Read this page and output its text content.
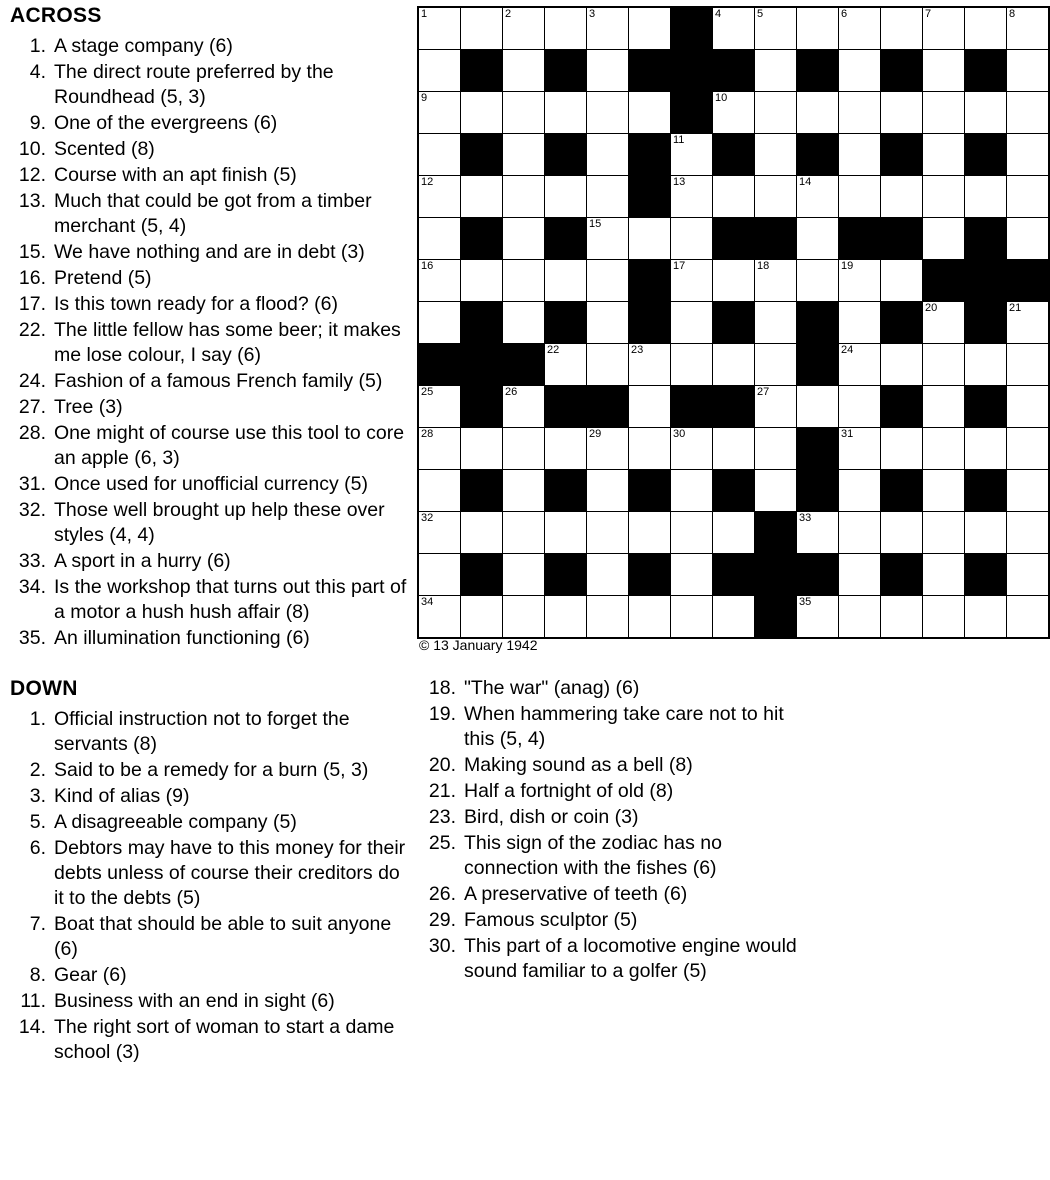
ACROSS
1. A stage company (6)
4. The direct route preferred by the Roundhead (5, 3)
9. One of the evergreens (6)
10. Scented (8)
12. Course with an apt finish (5)
13. Much that could be got from a timber merchant (5, 4)
15. We have nothing and are in debt (3)
16. Pretend (5)
17. Is this town ready for a flood? (6)
22. The little fellow has some beer; it makes me lose colour, I say (6)
24. Fashion of a famous French family (5)
27. Tree (3)
28. One might of course use this tool to core an apple (6, 3)
31. Once used for unofficial currency (5)
32. Those well brought up help these over styles (4, 4)
33. A sport in a hurry (6)
34. Is the workshop that turns out this part of a motor a hush hush affair (8)
35. An illumination functioning (6)
DOWN
1. Official instruction not to forget the servants (8)
2. Said to be a remedy for a burn (5, 3)
3. Kind of alias (9)
5. A disagreeable company (5)
6. Debtors may have to this money for their debts unless of course their creditors do it to the debts (5)
7. Boat that should be able to suit anyone (6)
8. Gear (6)
11. Business with an end in sight (6)
14. The right sort of woman to start a dame school (3)
18. "The war" (anag) (6)
19. When hammering take care not to hit this (5, 4)
20. Making sound as a bell (8)
21. Half a fortnight of old (8)
23. Bird, dish or coin (3)
25. This sign of the zodiac has no connection with the fishes (6)
26. A preservative of teeth (6)
29. Famous sculptor (5)
30. This part of a locomotive engine would sound familiar to a golfer (5)
1		2		3			4	5		6		7		8

9							10							

						11								

12						13			14					

				15										

16						17		18		19				

												20		21

			22		23					24				

25		26						27						

28				29		30				31				

32									33					

34									35					

© 13 January 1942
